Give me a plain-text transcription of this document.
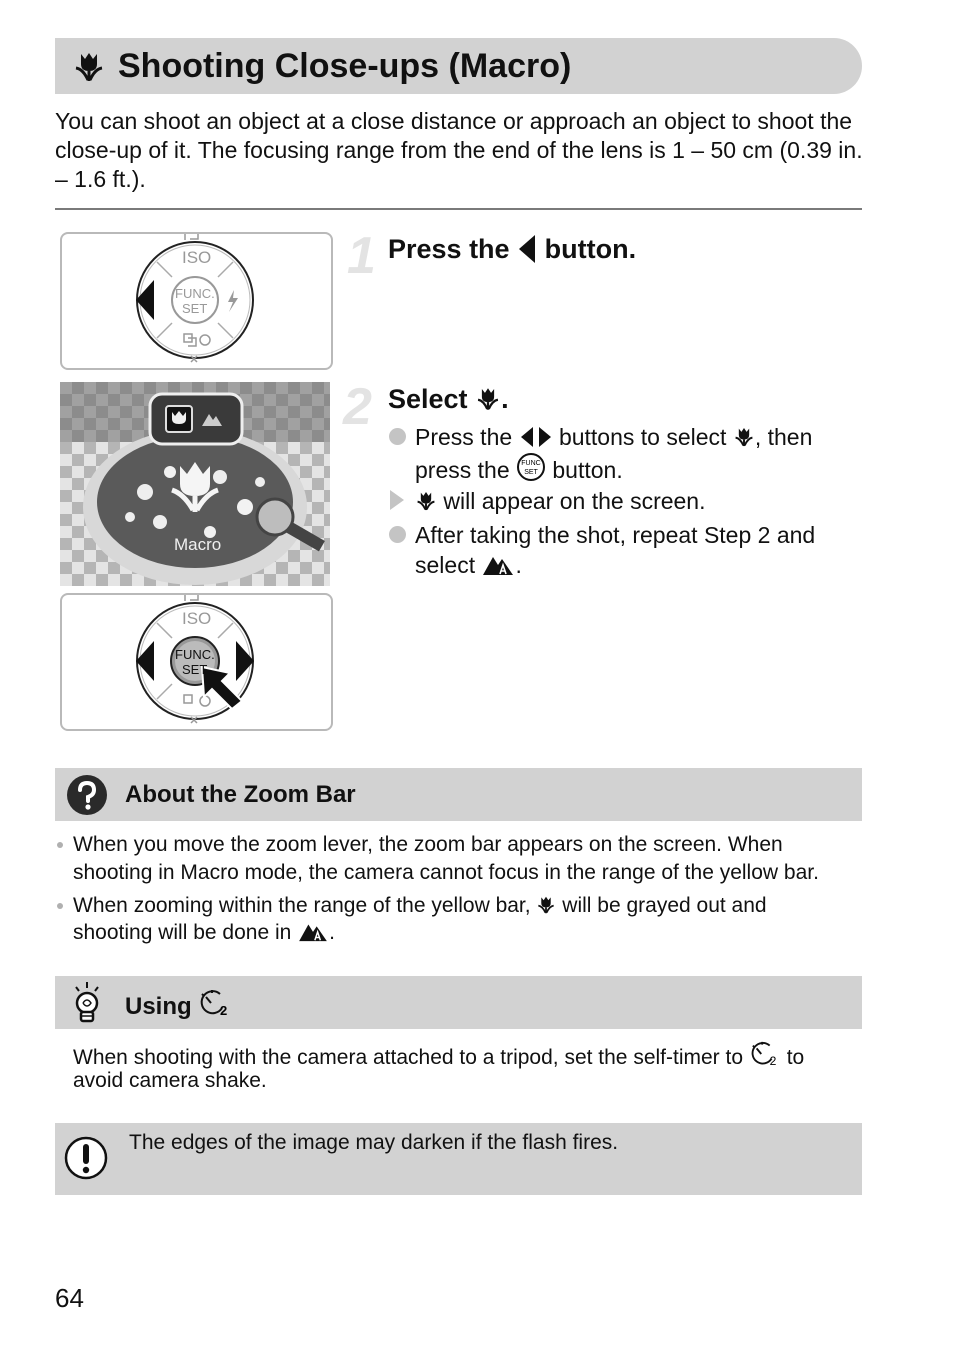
Shooting Close-ups (Macro)
You can shoot an object at a close distance or approach an object to shoot the close-up of it. The focusing range from the end of the lens is 1 – 50 cm (0.39 in. – 1.6 ft.).
ISO
FUNC.
SET
Macro
ISO
FUNC.
SET
1 Press the button.
2 Select .
Press the buttons to select , then
press the FUNC
SET button.
will appear on the screen.
After taking the shot, repeat Step 2 and
select .
About the Zoom Bar
When you move the zoom lever, the zoom bar appears on the screen. When
shooting in Macro mode, the camera cannot focus in the range of the yellow bar.
When zooming within the range of the yellow bar, will be grayed out and
shooting will be done in .
Using 2
When shooting with the camera attached to a tripod, set the self-timer to 2 to
avoid camera shake.
The edges of the image may darken if the flash fires.
64
